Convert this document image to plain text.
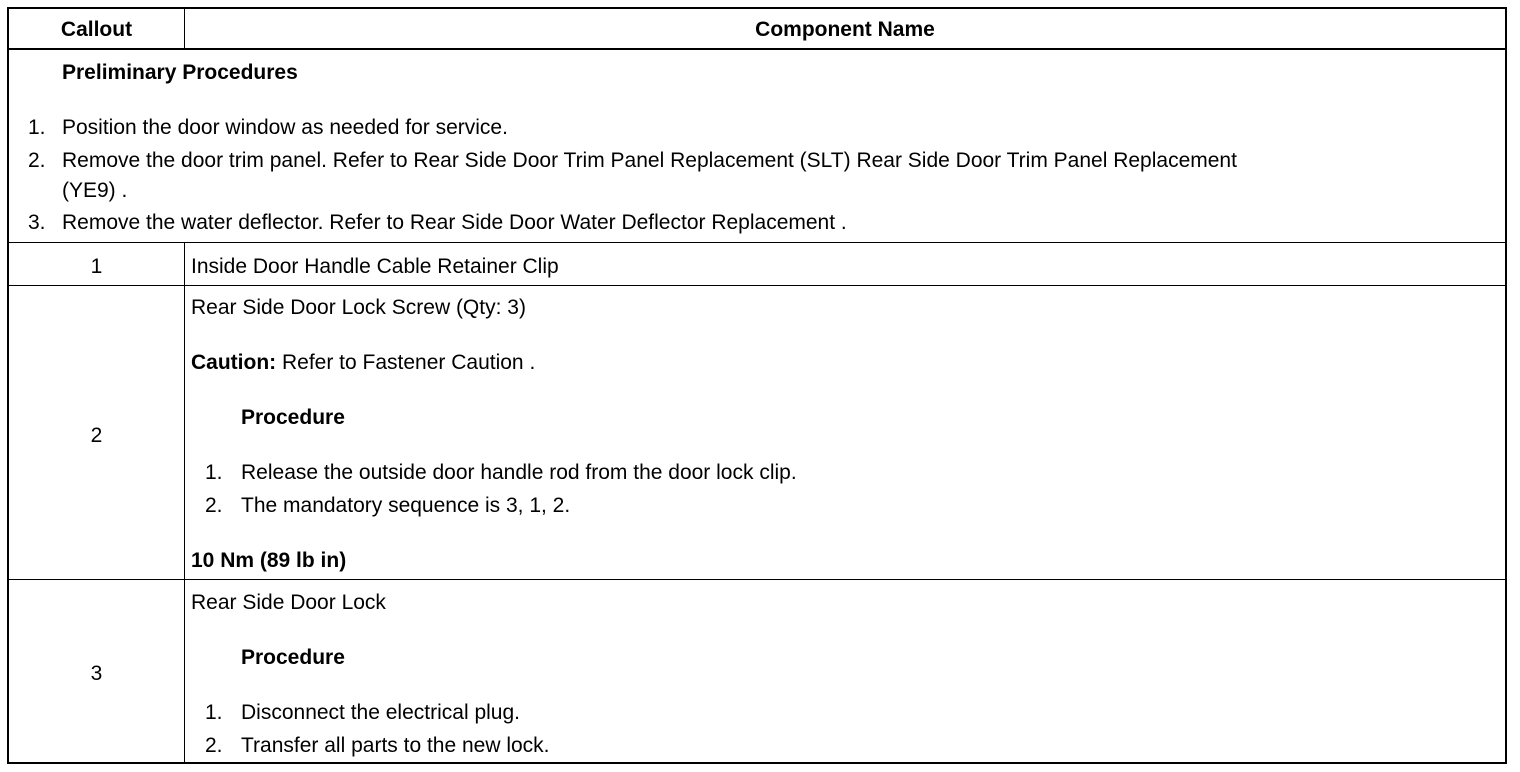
Callout	Component Name
Preliminary Procedures
1. Position the door window as needed for service.
2. Remove the door trim panel. Refer to Rear Side Door Trim Panel Replacement (SLT) Rear Side Door Trim Panel Replacement
(YE9) .
3. Remove the water deflector. Refer to Rear Side Door Water Deflector Replacement .
1	Inside Door Handle Cable Retainer Clip
2
Rear Side Door Lock Screw (Qty: 3)
Caution: Refer to Fastener Caution .
Procedure
1. Release the outside door handle rod from the door lock clip.
2. The mandatory sequence is 3, 1, 2.
10 Nm (89 lb in)
3
Rear Side Door Lock
Procedure
1. Disconnect the electrical plug.
2. Transfer all parts to the new lock.
